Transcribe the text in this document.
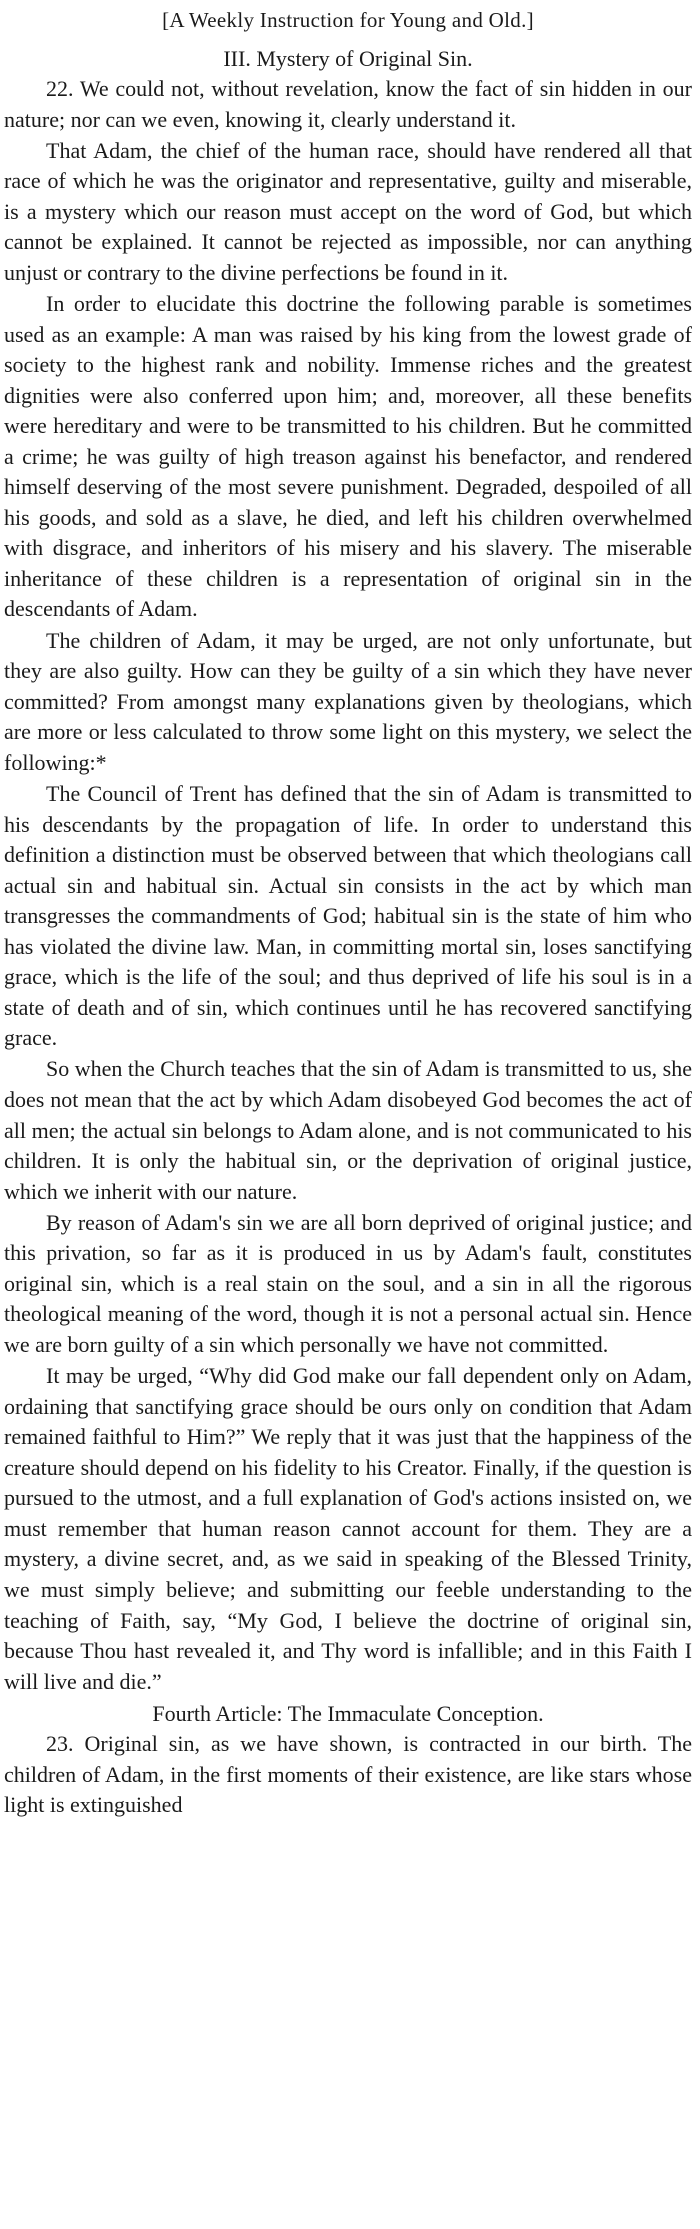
[A Weekly Instruction for Young and Old.]
III. Mystery of Original Sin.

22. We could not, without revelation, know the fact of sin hidden in our nature; nor can we even, knowing it, clearly understand it.

That Adam, the chief of the human race, should have rendered all that race of which he was the originator and representative, guilty and miserable, is a mystery which our reason must accept on the word of God, but which cannot be explained. It cannot be rejected as impossible, nor can anything unjust or contrary to the divine perfections be found in it.

In order to elucidate this doctrine the following parable is sometimes used as an example: A man was raised by his king from the lowest grade of society to the highest rank and nobility. Immense riches and the greatest dignities were also conferred upon him; and, moreover, all these benefits were hereditary and were to be transmitted to his children. But he committed a crime; he was guilty of high treason against his benefactor, and rendered himself deserving of the most severe punishment. Degraded, despoiled of all his goods, and sold as a slave, he died, and left his children overwhelmed with disgrace, and inheritors of his misery and his slavery. The miserable inheritance of these children is a representation of original sin in the descendants of Adam.

The children of Adam, it may be urged, are not only unfortunate, but they are also guilty. How can they be guilty of a sin which they have never committed? From amongst many explanations given by theologians, which are more or less calculated to throw some light on this mystery, we select the following:*

The Council of Trent has defined that the sin of Adam is transmitted to his descendants by the propagation of life. In order to understand this definition a distinction must be observed between that which theologians call actual sin and habitual sin. Actual sin consists in the act by which man transgresses the commandments of God; habitual sin is the state of him who has violated the divine law. Man, in committing mortal sin, loses sanctifying grace, which is the life of the soul; and thus deprived of life his soul is in a state of death and of sin, which continues until he has recovered sanctifying grace.

So when the Church teaches that the sin of Adam is transmitted to us, she does not mean that the act by which Adam disobeyed God becomes the act of all men; the actual sin belongs to Adam alone, and is not communicated to his children. It is only the habitual sin, or the deprivation of original justice, which we inherit with our nature.

By reason of Adam's sin we are all born deprived of original justice; and this privation, so far as it is produced in us by Adam's fault, constitutes original sin, which is a real stain on the soul, and a sin in all the rigorous theological meaning of the word, though it is not a personal actual sin. Hence we are born guilty of a sin which personally we have not committed.

It may be urged, “Why did God make our fall dependent only on Adam, ordaining that sanctifying grace should be ours only on condition that Adam remained faithful to Him?” We reply that it was just that the happiness of the creature should depend on his fidelity to his Creator. Finally, if the question is pursued to the utmost, and a full explanation of God's actions insisted on, we must remember that human reason cannot account for them. They are a mystery, a divine secret, and, as we said in speaking of the Blessed Trinity, we must simply believe; and submitting our feeble understanding to the teaching of Faith, say, “My God, I believe the doctrine of original sin, because Thou hast revealed it, and Thy word is infallible; and in this Faith I will live and die.”

Fourth Article: The Immaculate Conception.

23. Original sin, as we have shown, is contracted in our birth. The children of Adam, in the first moments of their existence, are like stars whose light is extinguished
